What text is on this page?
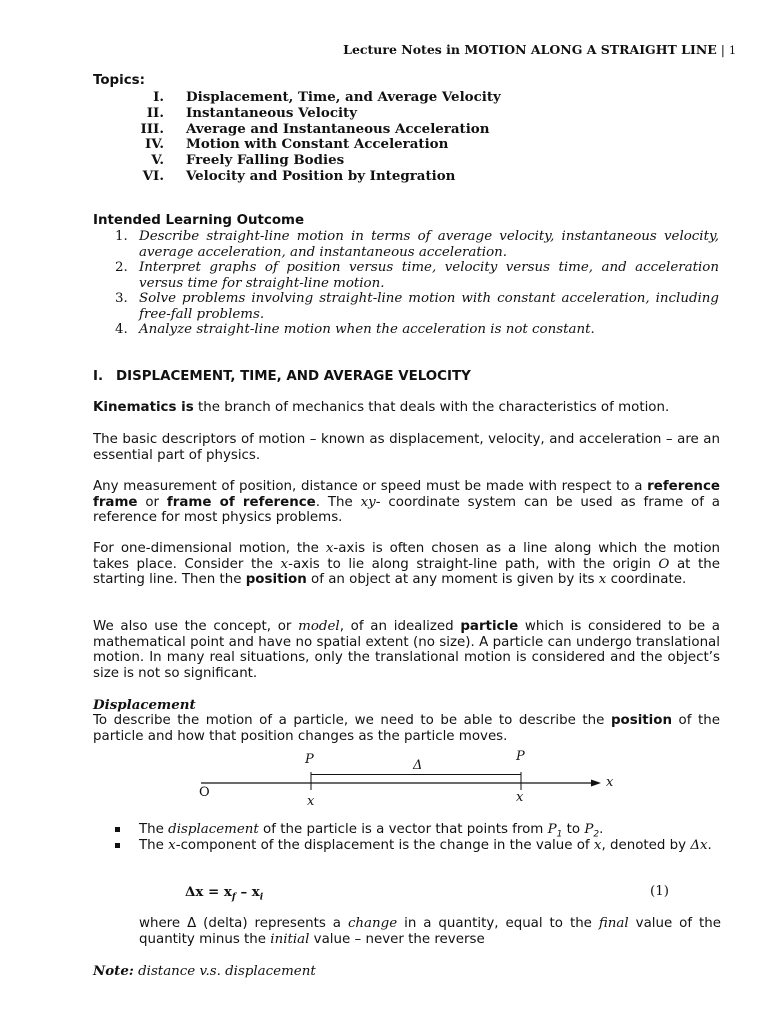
Lecture Notes in MOTION ALONG A STRAIGHT LINE | 1
Topics:
I. Displacement, Time, and Average Velocity
II. Instantaneous Velocity
III. Average and Instantaneous Acceleration
IV. Motion with Constant Acceleration
V. Freely Falling Bodies
VI. Velocity and Position by Integration
Intended Learning Outcome
1. Describe straight-line motion in terms of average velocity, instantaneous velocity, average acceleration, and instantaneous acceleration.
2. Interpret graphs of position versus time, velocity versus time, and acceleration versus time for straight-line motion.
3. Solve problems involving straight-line motion with constant acceleration, including free-fall problems.
4. Analyze straight-line motion when the acceleration is not constant.
I. DISPLACEMENT, TIME, AND AVERAGE VELOCITY
Kinematics is the branch of mechanics that deals with the characteristics of motion.
The basic descriptors of motion – known as displacement, velocity, and acceleration – are an essential part of physics.
Any measurement of position, distance or speed must be made with respect to a reference frame or frame of reference. The xy- coordinate system can be used as frame of a reference for most physics problems.
For one-dimensional motion, the x-axis is often chosen as a line along which the motion takes place. Consider the x-axis to lie along straight-line path, with the origin O at the starting line. Then the position of an object at any moment is given by its x coordinate.
We also use the concept, or model, of an idealized particle which is considered to be a mathematical point and have no spatial extent (no size). A particle can undergo translational motion. In many real situations, only the translational motion is considered and the object’s size is not so significant.
Displacement
To describe the motion of a particle, we need to be able to describe the position of the particle and how that position changes as the particle moves.
P	P
Δ
O
x	x
x
The displacement of the particle is a vector that points from $P_1$ to $P_2$.
The x-component of the displacement is the change in the value of x, denoted by Δx.
$\Delta x = x_f - x_i$	(1)
where Δ (delta) represents a change in a quantity, equal to the final value of the quantity minus the initial value – never the reverse
Note: distance v.s. displacement
